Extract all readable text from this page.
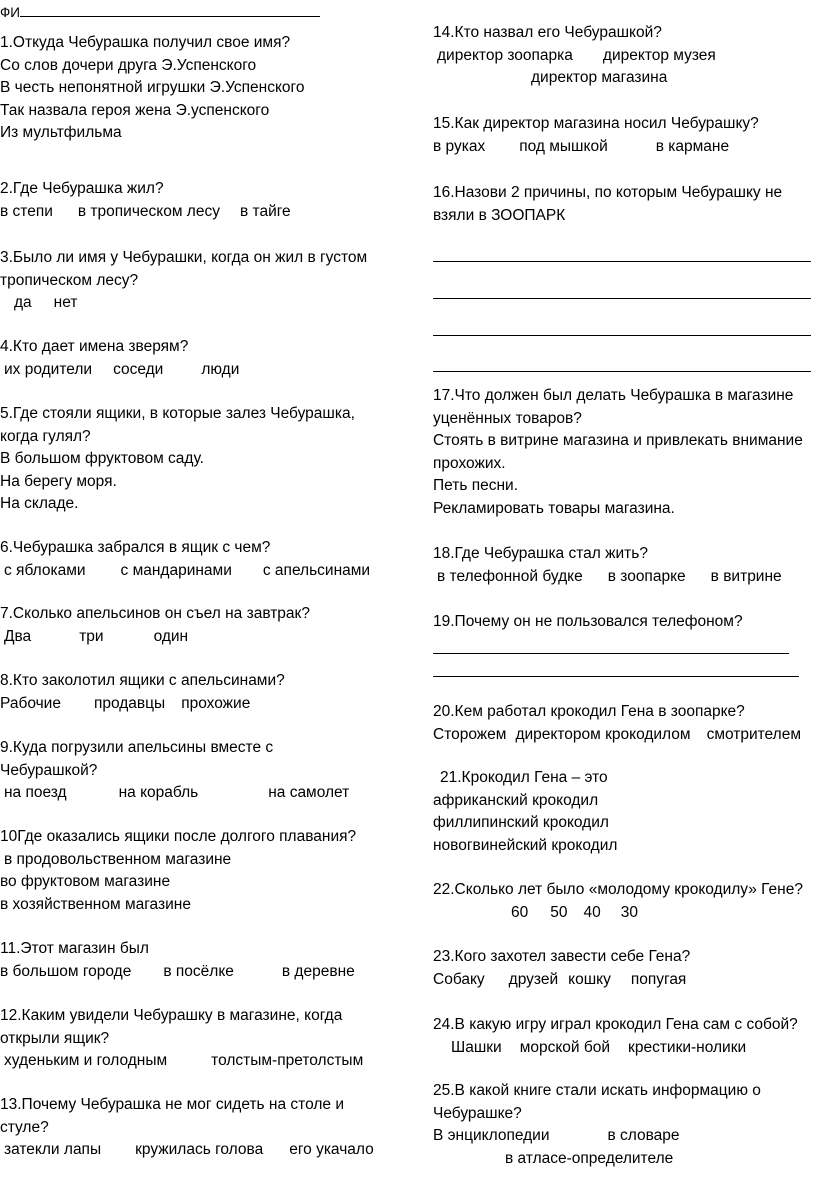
ФИ
1.Откуда Чебурашка получил свое имя?
Со слов дочери друга Э.Успенского
В честь непонятной игрушки Э.Успенского
Так назвала героя жена Э.успенского
Из мультфильма
2.Где Чебурашка жил?
в степи в тропическом лесу в тайге
3.Было ли имя у Чебурашки, когда он жил в густом
тропическом лесу?
да нет
4.Кто дает имена зверям?
их родители соседи люди
5.Где стояли ящики, в которые залез Чебурашка,
когда гулял?
В большом фруктовом саду.
На берегу моря.
На складе.
6.Чебурашка забрался в ящик с чем?
с яблоками с мандаринами с апельсинами
7.Сколько апельсинов он съел на завтрак?
Два	три	один
8.Кто заколотил ящики с апельсинами?
Рабочие продавцы прохожие
9.Куда погрузили апельсины вместе с
Чебурашкой?
на поезд	на корабль	на самолет
10Где оказались ящики после долгого плавания?
в продовольственном магазине
во фруктовом магазине
в хозяйственном магазине
11.Этот магазин был
в большом городе в посёлке	в деревне
12.Каким увидели Чебурашку в магазине, когда
открыли ящик?
худеньким и голодным	толстым-претолстым
13.Почему Чебурашка не мог сидеть на столе и
стуле?
затекли лапы кружилась голова его укачало
14.Кто назвал его Чебурашкой?
директор зоопарка директор музея
директор магазина
15.Как директор магазина носил Чебурашку?
в руках под мышкой	в кармане
16.Назови 2 причины, по которым Чебурашку не
взяли в ЗООПАРК
17.Что должен был делать Чебурашка в магазине
уценённых товаров?
Стоять в витрине магазина и привлекать внимание
прохожих.
Петь песни.
Рекламировать товары магазина.
18.Где Чебурашка стал жить?
в телефонной будке в зоопарке в витрине
19.Почему он не пользовался телефоном?
20.Кем работал крокодил Гена в зоопарке?
Сторожем директором крокодилом смотрителем
21.Крокодил Гена – это
африканский крокодил
филлипинский крокодил
новогвинейский крокодил
22.Сколько лет было «молодому крокодилу» Гене?
60 50 40 30
23.Кого захотел завести себе Гена?
Собаку друзей кошку попугая
24.В какую игру играл крокодил Гена сам с собой?
Шашки морской бой крестики-нолики
25.В какой книге стали искать информацию о
Чебурашке?
В энциклопедии	в словаре
в атласе-определителе
